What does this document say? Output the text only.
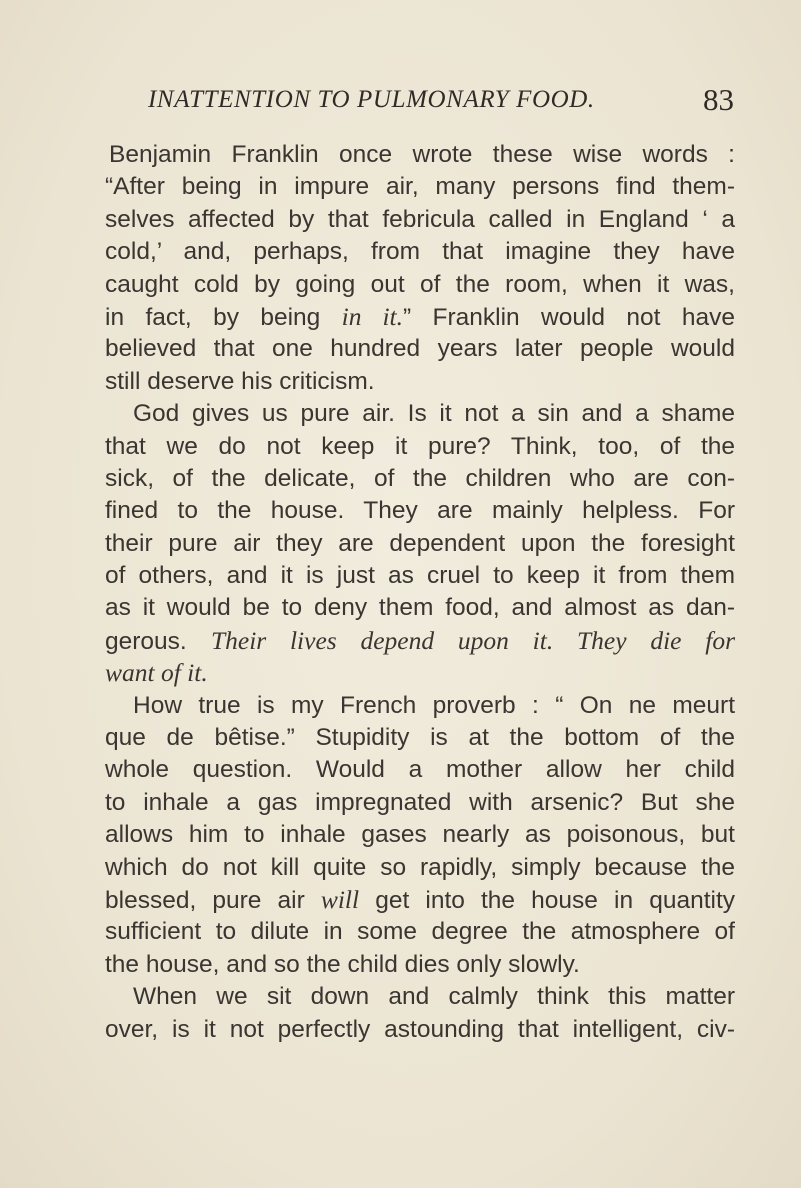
INATTENTION TO PULMONARY FOOD.	83
Benjamin Franklin once wrote these wise words :
“After being in impure air, many persons find them-
selves affected by that febricula called in England ‘ a
cold,’ and, perhaps, from that imagine they have
caught cold by going out of the room, when it was,
in fact, by being in it.” Franklin would not have
believed that one hundred years later people would
still deserve his criticism.
God gives us pure air. Is it not a sin and a shame
that we do not keep it pure? Think, too, of the
sick, of the delicate, of the children who are con-
fined to the house. They are mainly helpless. For
their pure air they are dependent upon the foresight
of others, and it is just as cruel to keep it from them
as it would be to deny them food, and almost as dan-
gerous. Their lives depend upon it. They die for
want of it.
How true is my French proverb : “ On ne meurt
que de bêtise.” Stupidity is at the bottom of the
whole question. Would a mother allow her child
to inhale a gas impregnated with arsenic? But she
allows him to inhale gases nearly as poisonous, but
which do not kill quite so rapidly, simply because the
blessed, pure air will get into the house in quantity
sufficient to dilute in some degree the atmosphere of
the house, and so the child dies only slowly.
When we sit down and calmly think this matter
over, is it not perfectly astounding that intelligent, civ-
